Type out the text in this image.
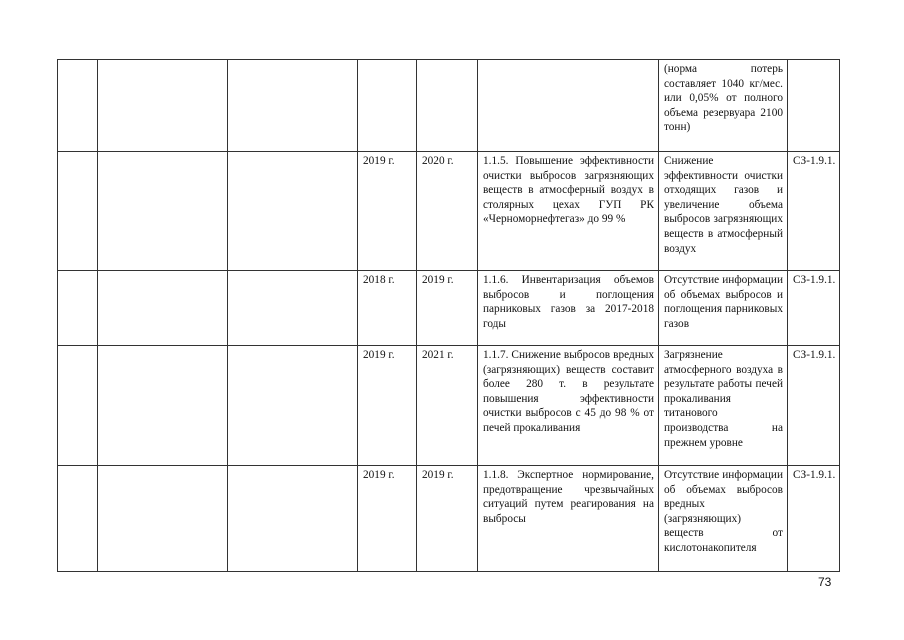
						(норма потерь составляет 1040 кг/мес. или 0,05% от полного объема резервуара 2100 тонн)	
			2019 г.	2020 г.	1.1.5. Повышение эффективности очистки выбросов загрязняющих веществ в атмосферный воздух в столярных цехах ГУП РК «Черноморнефтегаз» до 99 %	Снижение эффективности очистки отходящих газов и увеличение объема выбросов загрязняющих веществ в атмосферный воздух	СЗ-1.9.1.
			2018 г.	2019 г.	1.1.6. Инвентаризация объемов выбросов и поглощения парниковых газов за 2017-2018 годы	Отсутствие информации об объемах выбросов и поглощения парниковых газов	СЗ-1.9.1.
			2019 г.	2021 г.	1.1.7. Снижение выбросов вредных (загрязняющих) веществ составит более 280 т. в результате повышения эффективности очистки выбросов с 45 до 98 % от печей прокаливания	Загрязнение атмосферного воздуха в результате работы печей прокаливания титанового производства на прежнем уровне	СЗ-1.9.1.
			2019 г.	2019 г.	1.1.8. Экспертное нормирование, предотвращение чрезвычайных ситуаций путем реагирования на выбросы	Отсутствие информации об объемах выбросов вредных (загрязняющих) веществ от кислотонакопителя	СЗ-1.9.1.
73
